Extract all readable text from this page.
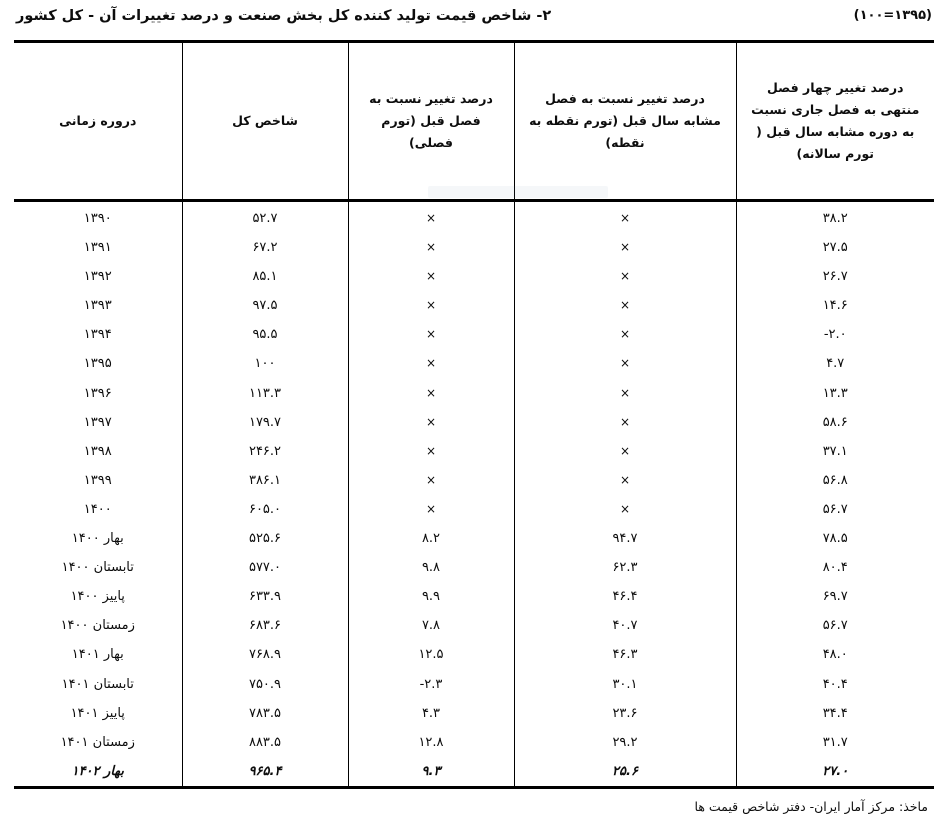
۲- شاخص قیمت تولید کننده کل بخش صنعت و درصد تغییرات آن - کل کشور	(۱۳۹۵=۱۰۰)
درصد تغییر چهار فصل منتهی به فصل جاری نسبت به دوره مشابه سال قبل ( تورم سالانه)	درصد تغییر نسبت به فصل مشابه سال قبل (تورم نقطه به نقطه)	درصد تغییر نسبت به فصل قبل (تورم فصلی)	شاخص کل	دروره زمانی
۳۸.۲	×	×	۵۲.۷	۱۳۹۰
۲۷.۵	×	×	۶۷.۲	۱۳۹۱
۲۶.۷	×	×	۸۵.۱	۱۳۹۲
۱۴.۶	×	×	۹۷.۵	۱۳۹۳
۲.۰-	×	×	۹۵.۵	۱۳۹۴
۴.۷	×	×	۱۰۰	۱۳۹۵
۱۳.۳	×	×	۱۱۳.۳	۱۳۹۶
۵۸.۶	×	×	۱۷۹.۷	۱۳۹۷
۳۷.۱	×	×	۲۴۶.۲	۱۳۹۸
۵۶.۸	×	×	۳۸۶.۱	۱۳۹۹
۵۶.۷	×	×	۶۰۵.۰	۱۴۰۰
۷۸.۵	۹۴.۷	۸.۲	۵۲۵.۶	بهار ۱۴۰۰
۸۰.۴	۶۲.۳	۹.۸	۵۷۷.۰	تابستان ۱۴۰۰
۶۹.۷	۴۶.۴	۹.۹	۶۳۳.۹	پاییز ۱۴۰۰
۵۶.۷	۴۰.۷	۷.۸	۶۸۳.۶	زمستان ۱۴۰۰
۴۸.۰	۴۶.۳	۱۲.۵	۷۶۸.۹	بهار ۱۴۰۱
۴۰.۴	۳۰.۱	۲.۳-	۷۵۰.۹	تابستان ۱۴۰۱
۳۴.۴	۲۳.۶	۴.۳	۷۸۳.۵	پاییز ۱۴۰۱
۳۱.۷	۲۹.۲	۱۲.۸	۸۸۳.۵	زمستان ۱۴۰۱
۲۷.۰	۲۵.۶	۹.۳	۹۶۵.۴	بهار ۱۴۰۲
ماخذ: مرکز آمار ایران- دفتر شاخص قیمت ها
